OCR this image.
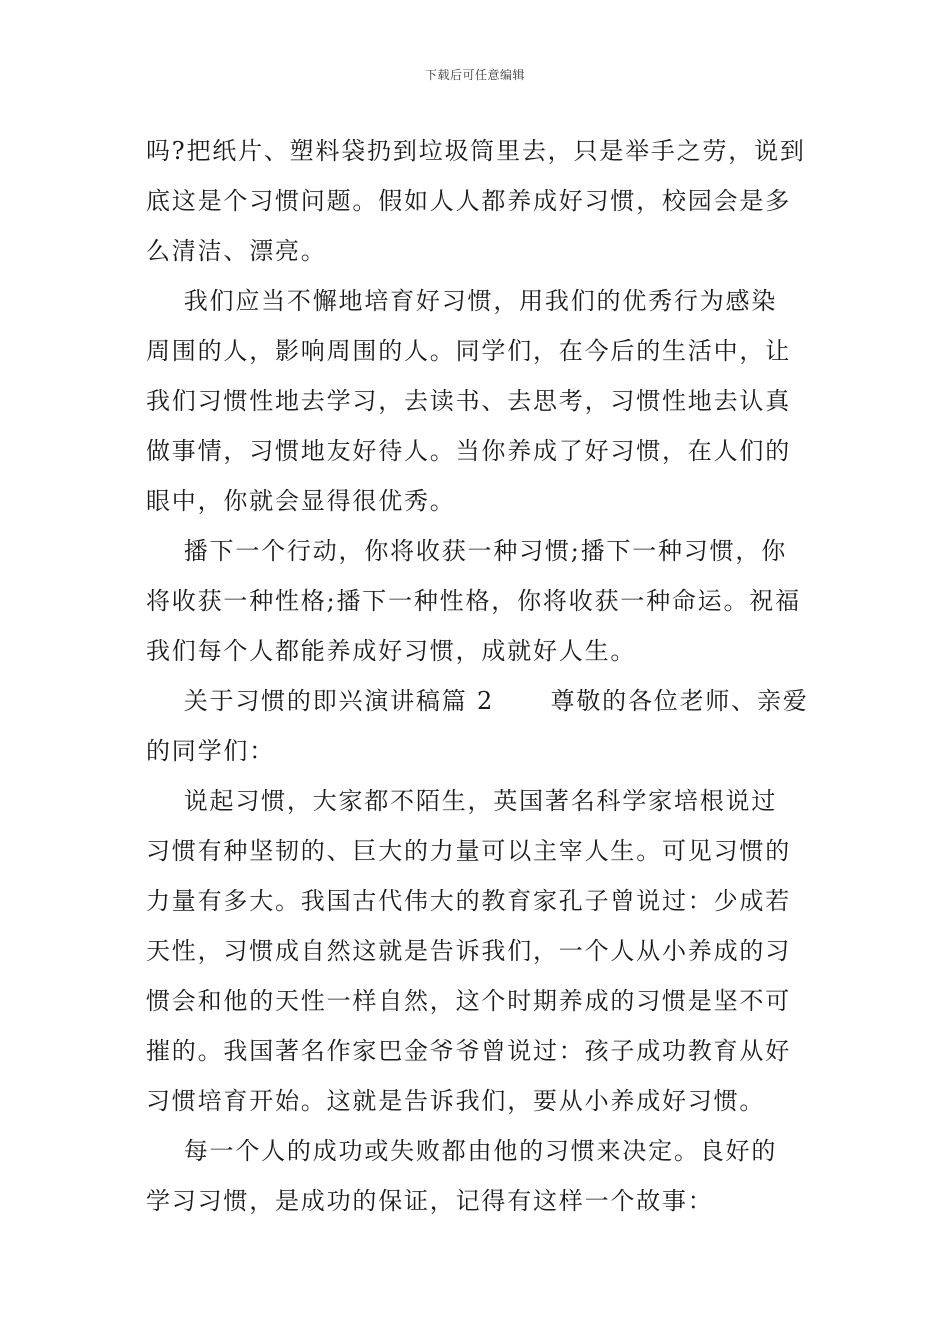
下载后可任意编辑
吗?把纸片、塑料袋扔到垃圾筒里去，只是举手之劳，说到
底这是个习惯问题。假如人人都养成好习惯，校园会是多
么清洁、漂亮。
我们应当不懈地培育好习惯，用我们的优秀行为感染
周围的人，影响周围的人。同学们，在今后的生活中，让
我们习惯性地去学习，去读书、去思考，习惯性地去认真
做事情，习惯地友好待人。当你养成了好习惯，在人们的
眼中，你就会显得很优秀。
播下一个行动，你将收获一种习惯;播下一种习惯，你
将收获一种性格;播下一种性格，你将收获一种命运。祝福
我们每个人都能养成好习惯，成就好人生。
关于习惯的即兴演讲稿篇 2      尊敬的各位老师、亲爱
的同学们：
说起习惯，大家都不陌生，英国著名科学家培根说过
习惯有种坚韧的、巨大的力量可以主宰人生。可见习惯的
力量有多大。我国古代伟大的教育家孔子曾说过：少成若
天性，习惯成自然这就是告诉我们，一个人从小养成的习
惯会和他的天性一样自然，这个时期养成的习惯是坚不可
摧的。我国著名作家巴金爷爷曾说过：孩子成功教育从好
习惯培育开始。这就是告诉我们，要从小养成好习惯。
每一个人的成功或失败都由他的习惯来决定。良好的
学习习惯，是成功的保证，记得有这样一个故事：
